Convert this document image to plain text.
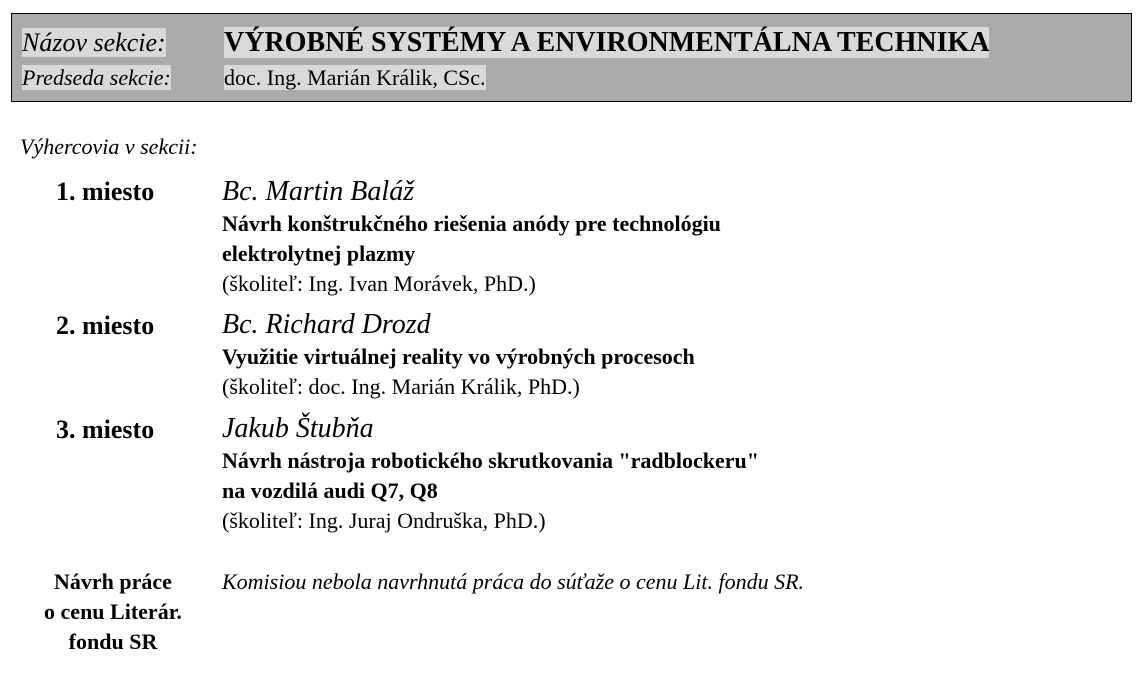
Názov sekcie: VÝROBNÉ SYSTÉMY A ENVIRONMENTÁLNA TECHNIKA
Predseda sekcie: doc. Ing. Marián Králik, CSc.
Výhercovia v sekcii:
1. miesto Bc. Martin Baláž
Návrh konštrukčného riešenia anódy pre technológiu
elektrolytnej plazmy
(školiteľ: Ing. Ivan Morávek, PhD.)
2. miesto Bc. Richard Drozd
Využitie virtuálnej reality vo výrobných procesoch
(školiteľ: doc. Ing. Marián Králik, PhD.)
3. miesto Jakub Štubňa
Návrh nástroja robotického skrutkovania "radblockeru"
na vozdilá audi Q7, Q8
(školiteľ: Ing. Juraj Ondruška, PhD.)
Návrh práce
o cenu Literár.
fondu SR
Komisiou nebola navrhnutá práca do súťaže o cenu Lit. fondu SR.
